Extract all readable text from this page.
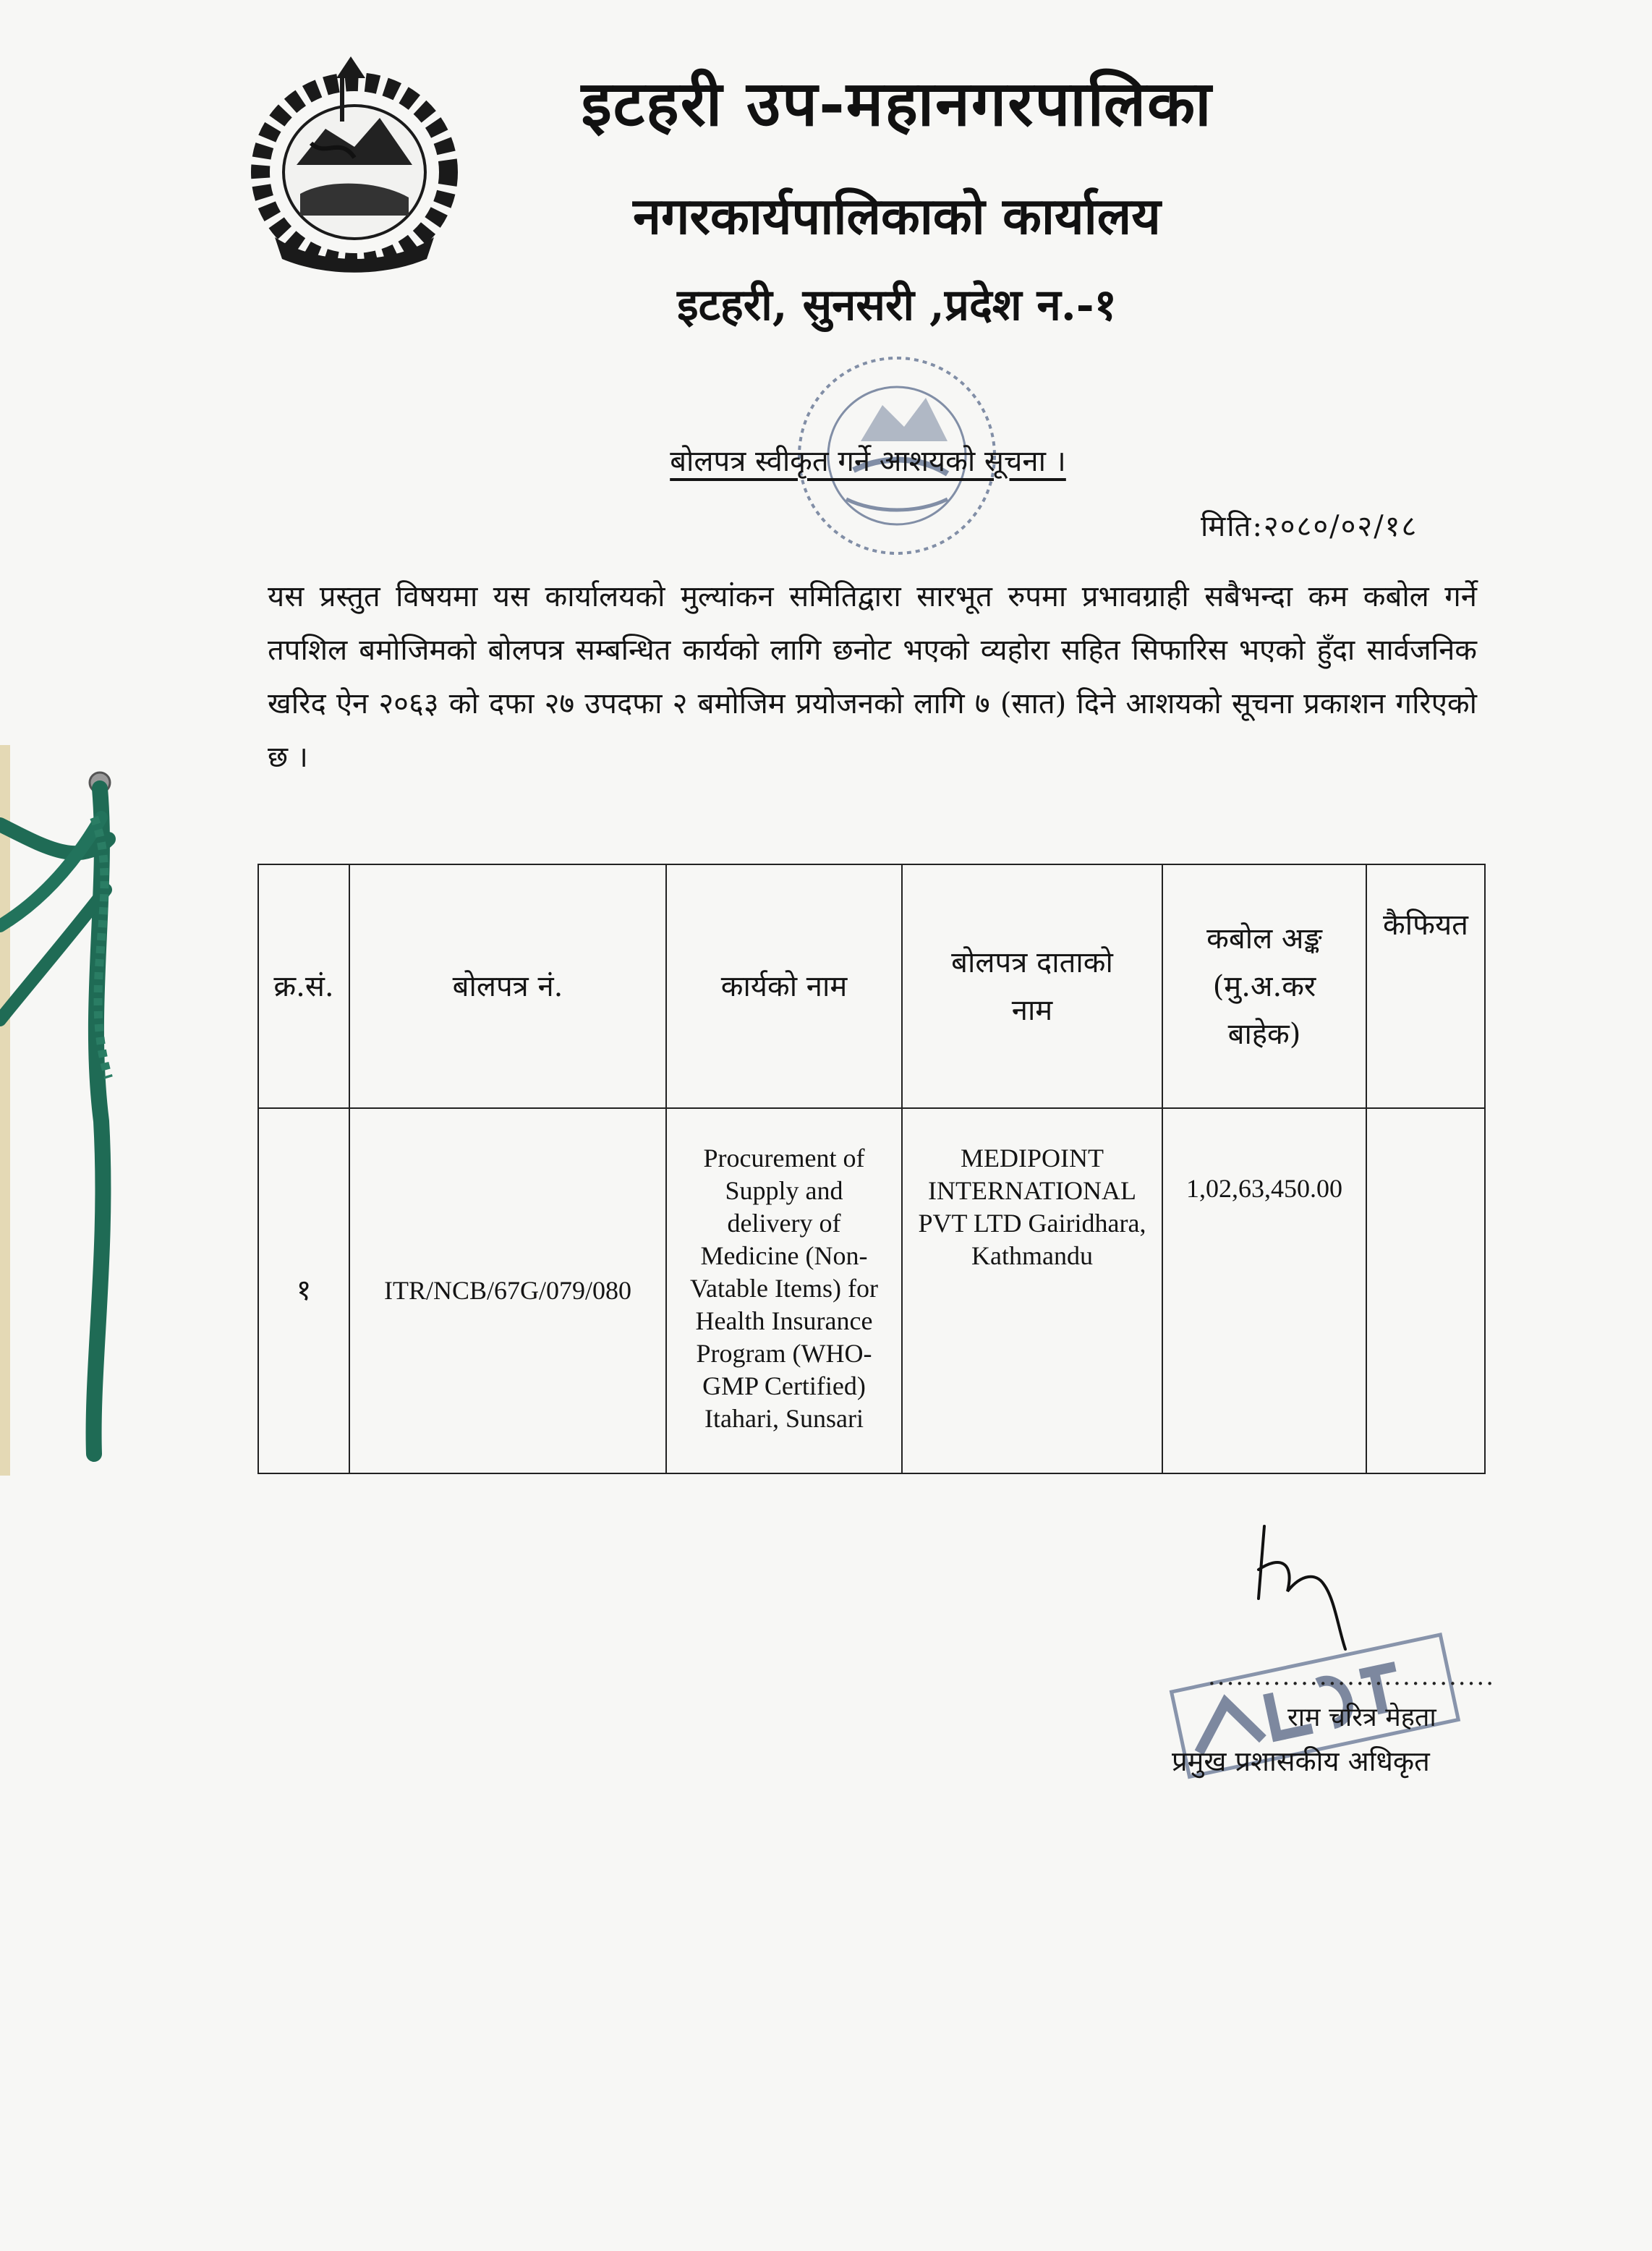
इटहरी उप-महानगरपालिका
नगरकार्यपालिकाको कार्यालय
इटहरी, सुनसरी ,प्रदेश न.-१
बोलपत्र स्वीकृत गर्ने आशयको सूचना ।
मिति:२०८०/०२/१८
यस प्रस्तुत विषयमा यस कार्यालयको मुल्यांकन समितिद्वारा सारभूत रुपमा प्रभावग्राही सबैभन्दा कम कबोल गर्ने तपशिल बमोजिमको बोलपत्र सम्बन्धित कार्यको लागि छनोट भएको व्यहोरा सहित सिफारिस भएको हुँदा सार्वजनिक खरिद ऐन २०६३ को दफा २७ उपदफा २ बमोजिम प्रयोजनको लागि ७ (सात) दिने आशयको सूचना प्रकाशन गरिएको छ ।
क्र.सं.	बोलपत्र नं.	कार्यको नाम	बोलपत्र दाताको नाम	कबोल अङ्क (मु.अ.कर बाहेक)	कैफियत
१	ITR/NCB/67G/079/080	Procurement of Supply and delivery of Medicine (Non-Vatable Items) for Health Insurance Program (WHO-GMP Certified) Itahari, Sunsari	MEDIPOINT INTERNATIONAL PVT LTD Gairidhara, Kathmandu	1,02,63,450.00	
...............................
राम चरित्र मेहता
प्रमुख प्रशासकीय अधिकृत
